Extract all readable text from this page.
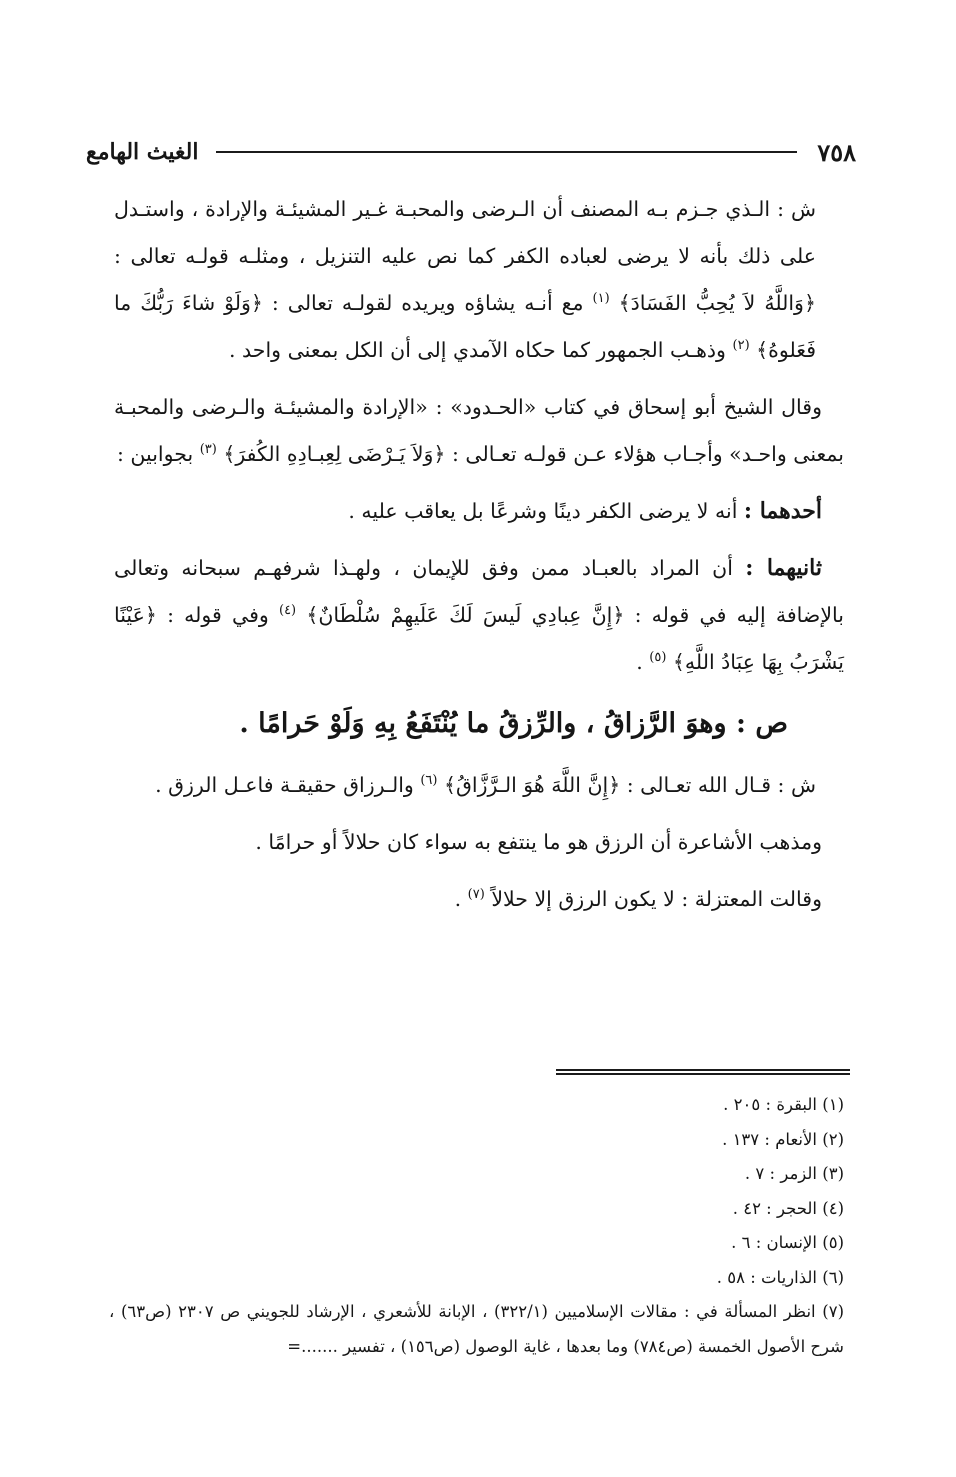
٧٥٨
الغيث الهامع

ش : الـذي جـزم بـه المصنف أن الـرضى والمحبـة غـير المشيئـة والإرادة ، واستـدل على ذلك بأنه لا يرضى لعباده الكفر كما نص عليه التنزيل ، ومثلـه قولـه تعالى : ﴿وَاللَّهُ لاَ يُحِبُّ الفَسَادَ﴾ $^{(١)}$ مع أنـه يشاؤه ويريده لقولـه تعالى : ﴿وَلَوْ شاءَ رَبُّكَ ما فَعَلوهُ﴾ $^{(٢)}$ وذهـب الجمهور كما حكاه الآمدي إلى أن الكل بمعنى واحد .

وقال الشيخ أبو إسحاق في كتاب «الحـدود» : «الإرادة والمشيئـة والـرضى والمحبـة بمعنى واحـد» وأجـاب هؤلاء عـن قولـه تعـالى : ﴿وَلاَ يَـرْضَى لِعِبـادِهِ الكُفرَ﴾ $^{(٣)}$ بجوابين :

أحدهما : أنه لا يرضى الكفر دينًا وشرعًا بل يعاقب عليه .

ثانيهما : أن المراد بالعبـاد ممن وفق للإيمان ، ولهـذا شرفهـم سبحانه وتعالى بالإضافة إليه في قوله : ﴿إِنَّ عِبادِي لَيسَ لَكَ عَلَيهِمْ سُلْطَانٌ﴾ $^{(٤)}$ وفي قوله : ﴿عَيْنًا يَشْرَبُ بِهَا عِبَادُ اللَّهِ﴾ $^{(٥)}$ .

ص : وهوَ الرَّزاقُ ، والرِّزقُ ما يُنْتَفَعُ بِهِ وَلَوْ حَرامًا .

ش : قـال الله تعـالى : ﴿إِنَّ اللَّهَ هُوَ الـرَّزَّاقُ﴾ $^{(٦)}$ والـرزاق حقيقـة فاعـل الرزق .

ومذهب الأشاعرة أن الرزق هو ما ينتفع به سواء كان حلالاً أو حرامًا .

وقالت المعتزلة : لا يكون الرزق إلا حلالاً $^{(٧)}$ .

(١) البقرة : ٢٠٥ .
(٢) الأنعام : ١٣٧ .
(٣) الزمر : ٧ .
(٤) الحجر : ٤٢ .
(٥) الإنسان : ٦ .
(٦) الذاريات : ٥٨ .
(٧) انظر المسألة في : مقالات الإسلاميين (٣٢٢/١) ، الإبانة للأشعري ، الإرشاد للجويني ص ٢٣٠٧ (ص٦٣) ، شرح الأصول الخمسة (ص٧٨٤) وما بعدها ، غاية الوصول (ص١٥٦) ، تفسير .......=
